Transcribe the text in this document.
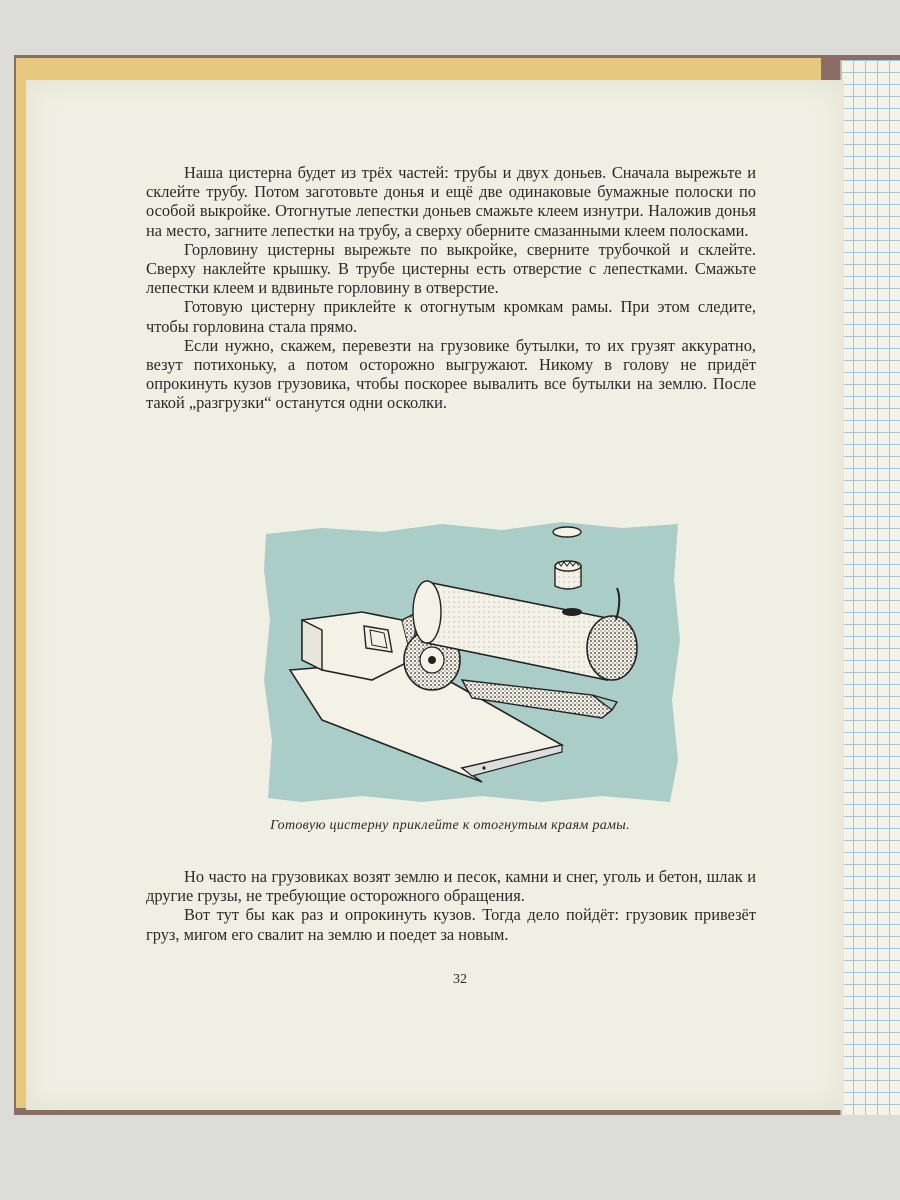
Наша цистерна будет из трёх частей: трубы и двух доньев. Сначала вырежьте и склейте трубу. Потом заготовьте донья и ещё две одинаковые бумажные полоски по особой выкройке. Отогнутые лепестки доньев смажьте клеем изнутри. Наложив донья на место, загните лепестки на трубу, а сверху оберните смазанными клеем полосками.

Горловину цистерны вырежьте по выкройке, сверните трубочкой и склейте. Сверху наклейте крышку. В трубе цистерны есть отверстие с лепестками. Смажьте лепестки клеем и вдвиньте горловину в отверстие.

Готовую цистерну приклейте к отогнутым кромкам рамы. При этом следите, чтобы горловина стала прямо.

Если нужно, скажем, перевезти на грузовике бутылки, то их грузят аккуратно, везут потихоньку, а потом осторожно выгружают. Никому в голову не придёт опрокинуть кузов грузовика, чтобы поскорее вывалить все бутылки на землю. После такой „разгрузки“ останутся одни осколки.

Готовую цистерну приклейте к отогнутым краям рамы.

Но часто на грузовиках возят землю и песок, камни и снег, уголь и бетон, шлак и другие грузы, не требующие осторожного обращения.

Вот тут бы как раз и опрокинуть кузов. Тогда дело пойдёт: грузовик привезёт груз, мигом его свалит на землю и поедет за новым.

32
